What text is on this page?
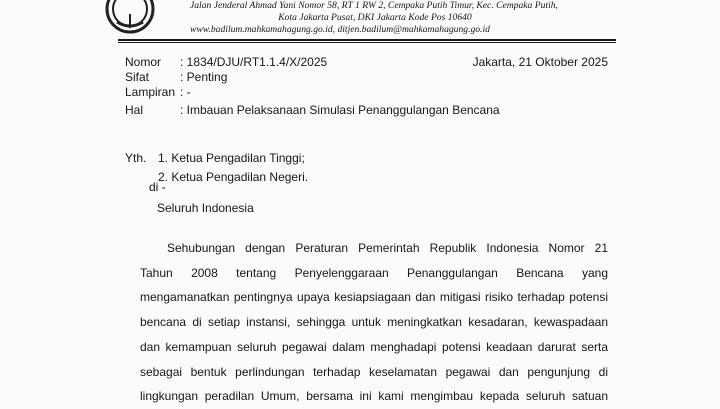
Jalan Jenderal Ahmad Yani Nomor 58, RT 1 RW 2, Cempaka Putih Timur, Kec. Cempaka Putih,
Kota Jakarta Pusat, DKI Jakarta Kode Pos 10640
www.badilum.mahkamahagung.go.id, ditjen.badilum@mahkamahagung.go.id
Nomor	: 1834/DJU/RT1.1.4/X/2025
Sifat	: Penting
Lampiran : -
Hal	: Imbauan Pelaksanaan Simulasi Penanggulangan Bencana
Jakarta, 21 Oktober 2025
Yth. 1. Ketua Pengadilan Tinggi;
2. Ketua Pengadilan Negeri.
di -
Seluruh Indonesia
Sehubungan dengan Peraturan Pemerintah Republik Indonesia Nomor 21
Tahun 2008 tentang Penyelenggaraan Penanggulangan Bencana yang
mengamanatkan pentingnya upaya kesiapsiagaan dan mitigasi risiko terhadap potensi
bencana di setiap instansi, sehingga untuk meningkatkan kesadaran, kewaspadaan
dan kemampuan seluruh pegawai dalam menghadapi potensi keadaan darurat serta
sebagai bentuk perlindungan terhadap keselamatan pegawai dan pengunjung di
lingkungan peradilan Umum, bersama ini kami mengimbau kepada seluruh satuan
